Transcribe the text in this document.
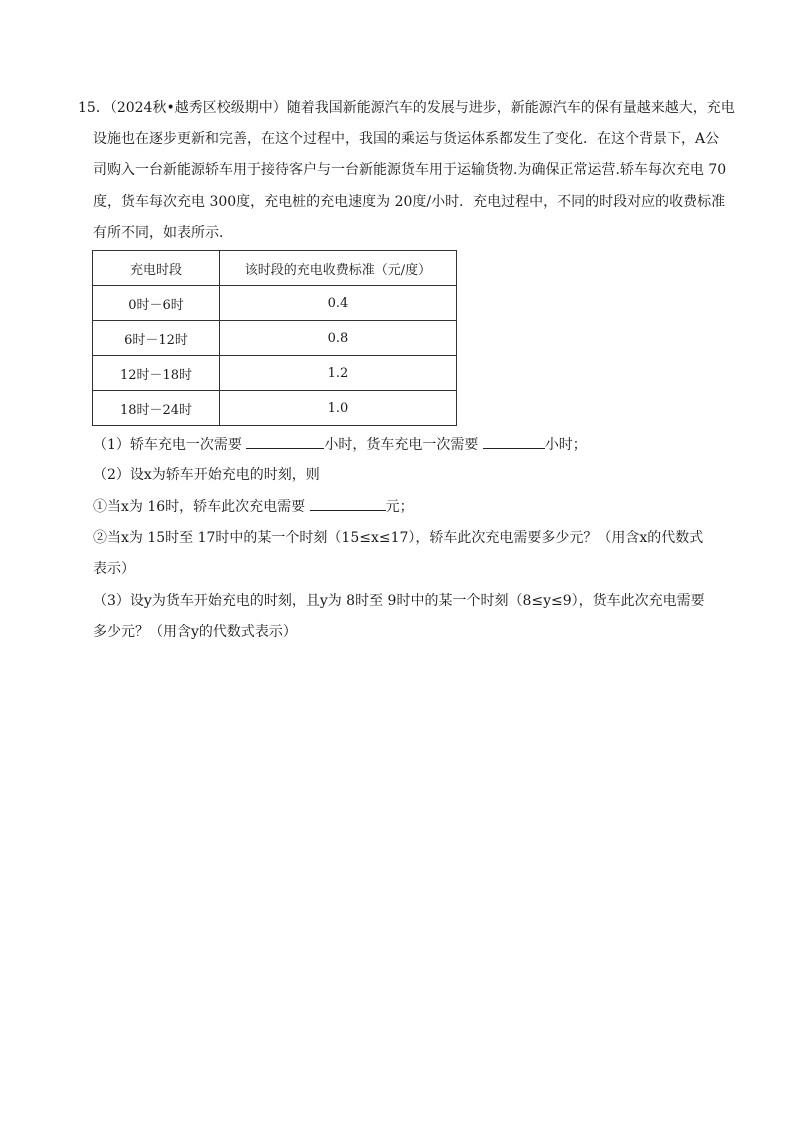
15．（2024秋•越秀区校级期中）随着我国新能源汽车的发展与进步，新能源汽车的保有量越来越大，充电
设施也在逐步更新和完善，在这个过程中，我国的乘运与货运体系都发生了变化．在这个背景下，A公
司购入一台新能源轿车用于接待客户与一台新能源货车用于运输货物.为确保正常运营.轿车每次充电 70
度，货车每次充电 300度，充电桩的充电速度为 20度/小时．充电过程中，不同的时段对应的收费标准
有所不同，如表所示．
充电时段	该时段的充电收费标准（元/度）
0时－6时	0.4
6时－12时	0.8
12时－18时	1.2
18时－24时	1.0
（1）轿车充电一次需要	小时，货车充电一次需要	小时；
（2）设x为轿车开始充电的时刻，则
①当x为 16时，轿车此次充电需要	元；
②当x为 15时至 17时中的某一个时刻（15≤x≤17），轿车此次充电需要多少元？（用含x的代数式
表示）
（3）设y为货车开始充电的时刻，且y为 8时至 9时中的某一个时刻（8≤y≤9），货车此次充电需要
多少元？（用含y的代数式表示）
